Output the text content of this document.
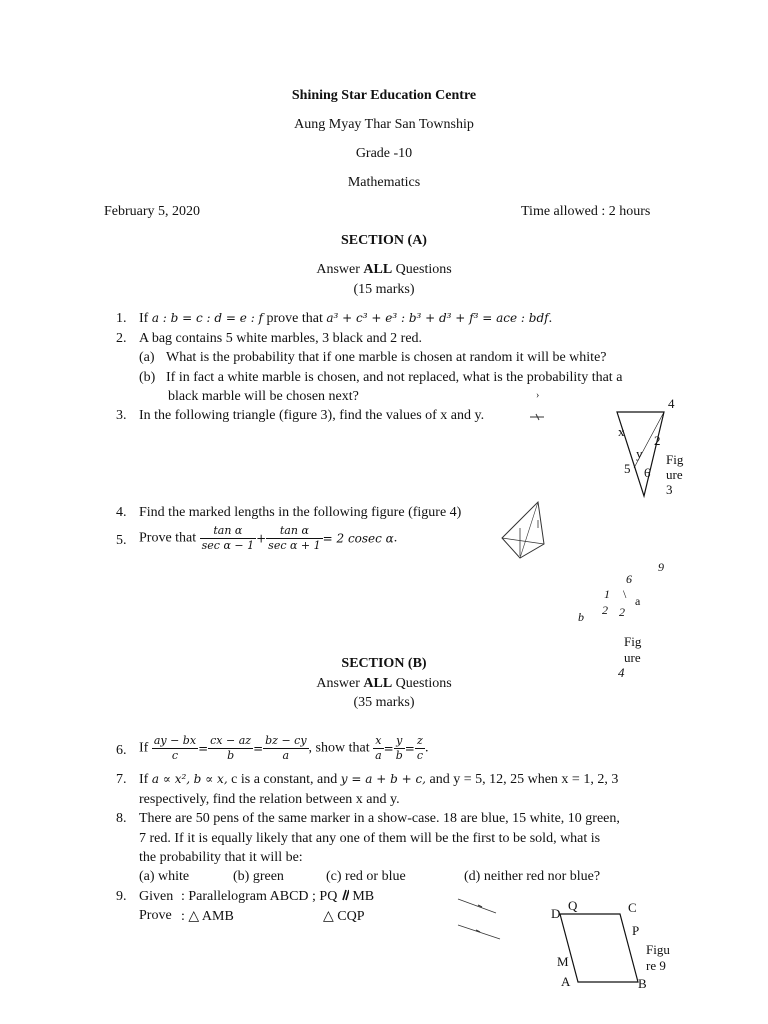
Shining Star Education Centre
Aung Myay Thar San Township
Grade -10
Mathematics
February 5, 2020	Time allowed : 2 hours
SECTION (A)
Answer ALL Questions
(15 marks)
1. If a : b = c : d = e : f prove that a³ + c³ + e³ : b³ + d³ + f³ = ace : bdf.
2. A bag contains 5 white marbles, 3 black and 2 red.
(a) What is the probability that if one marble is chosen at random it will be white?
(b) If in fact a white marble is chosen, and not replaced, what is the probability that a
black marble will be chosen next?
3. In the following triangle (figure 3), find the values of x and y.
4
x
y
2
5 6
Fig
ure
3
›
4. Find the marked lengths in the following figure (figure 4)
5. Prove that $\frac{\text{tan α}}{\text{sec α − 1}} + \frac{\text{tan α}}{\text{sec α + 1}} = 2$ cosec α.
9
6
1 \ a
2 2
b
Fig
ure
4
SECTION (B)
Answer ALL Questions
(35 marks)
6. If $\frac{ay - bx}{c} = \frac{cx - az}{b} = \frac{bz - cy}{a}$ , show that $\frac{x}{a} = \frac{y}{b} = \frac{z}{c}$ .
7. If a ∝ x², b ∝ x, c is a constant, and y = a + b + c, and y = 5, 12, 25 when x = 1, 2, 3
respectively, find the relation between x and y.
8. There are 50 pens of the same marker in a show-case. 18 are blue, 15 white, 10 green,
7 red. If it is equally likely that any one of them will be the first to be sold, what is
the probability that it will be:
(a) white	(b) green	(c) red or blue	(d) neither red nor blue?
9. Given : Parallelogram ABCD ; PQ MB
Prove : △ AMB	△ CQP	D
Q	C
P
M
A	B
Figu
re 9
